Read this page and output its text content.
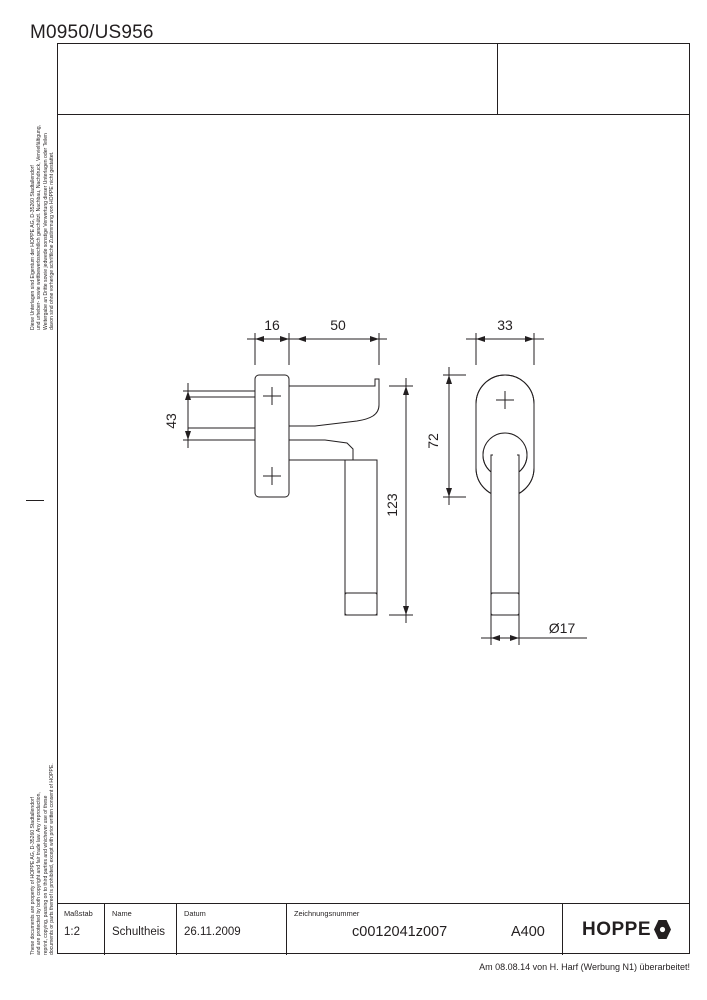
M0950/US956
Diese Unterlagen sind Eigentum der HOPPE AG, D-35260 Stadtallendorf und urheber- sowie wettbewerbsrechtlich geschützt. Nachbau, Nachdruck, Vervielfältigung, Weitergabe an Dritte sowie jedwede sonstige Verwertung dieser Unterlagen oder Teilen davon sind ohne vorherige schriftliche Zustimmung von HOPPE nicht gestattet.
These documents are property of HOPPE AG, D-35260 Stadtallendorf and are protected by both copyright and fair trade law. Any reproduction, reprint, copying, passing on to third parties and whichever use of these documents or parts thereof is prohibited, except with prior written consent of HOPPE.
16	50
43
123
33
72
Ø17
Maßstab
1:2
Name
Schultheis
Datum
26.11.2009
Zeichnungsnummer
c0012041z007	A400 HOPPE
Am 08.08.14 von H. Harf (Werbung N1) überarbeitet!
